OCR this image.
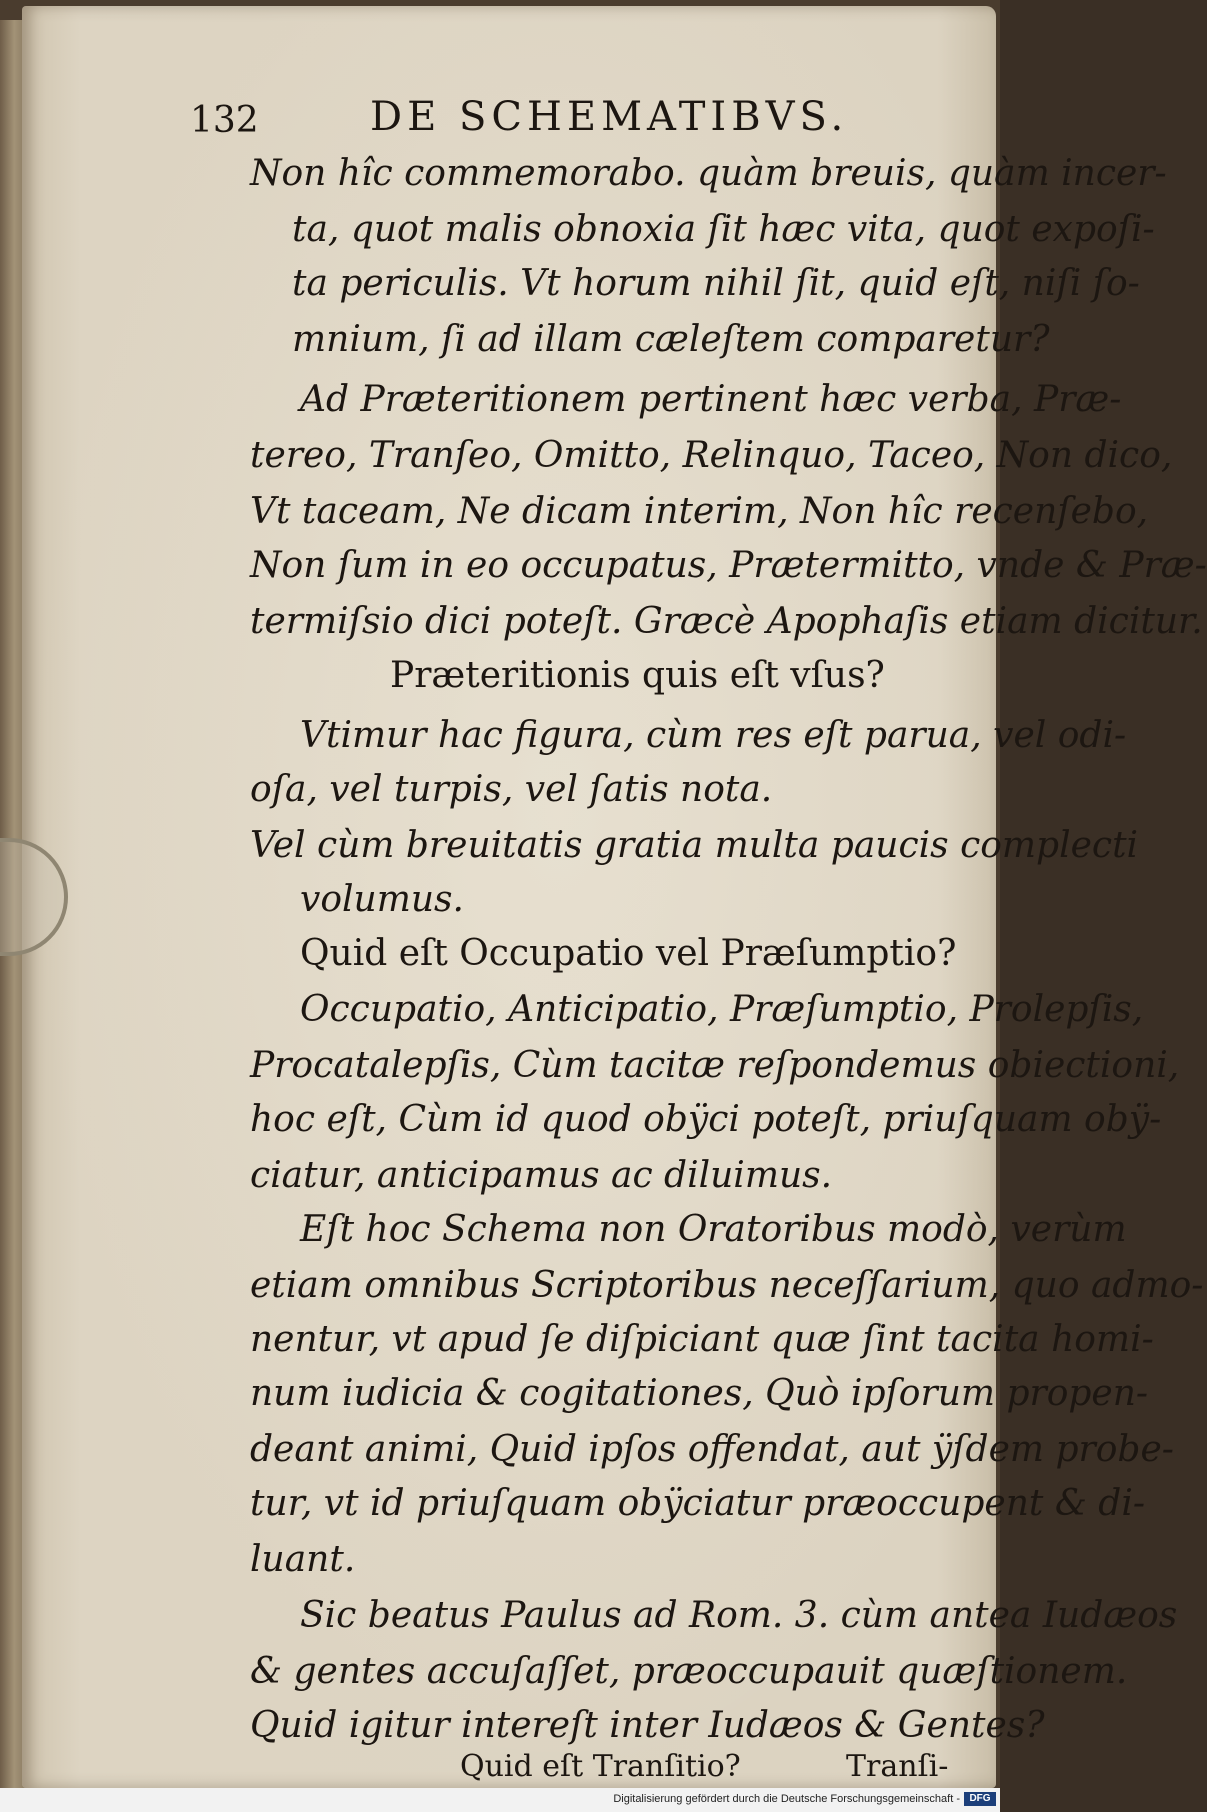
132	DE SCHEMATIBVS.
Non hîc commemorabo. quàm breuis, quàm incer-
ta, quot malis obnoxia ſit hæc vita, quot expoſi-
ta periculis. Vt horum nihil ſit, quid eſt, niſi ſo-
mnium, ſi ad illam cæleſtem comparetur?
Ad Præteritionem pertinent hæc verba, Præ-
tereo, Tranſeo, Omitto, Relinquo, Taceo, Non dico,
Vt taceam, Ne dicam interim, Non hîc recenſebo,
Non ſum in eo occupatus, Prætermitto, vnde & Præ-
termiſsio dici poteſt. Græcè Apophaſis etiam dicitur.
Præteritionis quis eſt vſus?
Vtimur hac figura, cùm res eſt parua, vel odi-
oſa, vel turpis, vel ſatis nota.
Vel cùm breuitatis gratia multa paucis complecti
volumus.
Quid eſt Occupatio vel Præſumptio?
Occupatio, Anticipatio, Præſumptio, Prolepſis,
Procatalepſis, Cùm tacitæ reſpondemus obiectioni,
hoc eſt, Cùm id quod obÿci poteſt, priuſquam obÿ-
ciatur, anticipamus ac diluimus.
Eſt hoc Schema non Oratoribus modò, verùm
etiam omnibus Scriptoribus neceſſarium, quo admo-
nentur, vt apud ſe diſpiciant quæ ſint tacita homi-
num iudicia & cogitationes, Quò ipſorum propen-
deant animi, Quid ipſos offendat, aut ÿſdem probe-
tur, vt id priuſquam obÿciatur præoccupent & di-
luant.
Sic beatus Paulus ad Rom. 3. cùm antea Iudæos
& gentes accuſaſſet, præoccupauit quæſtionem.
Quid igitur intereſt inter Iudæos & Gentes?
Quid eſt Tranſitio?	Tranſi-
Digitalisierung gefördert durch die Deutsche Forschungsgemeinschaft - DFG
